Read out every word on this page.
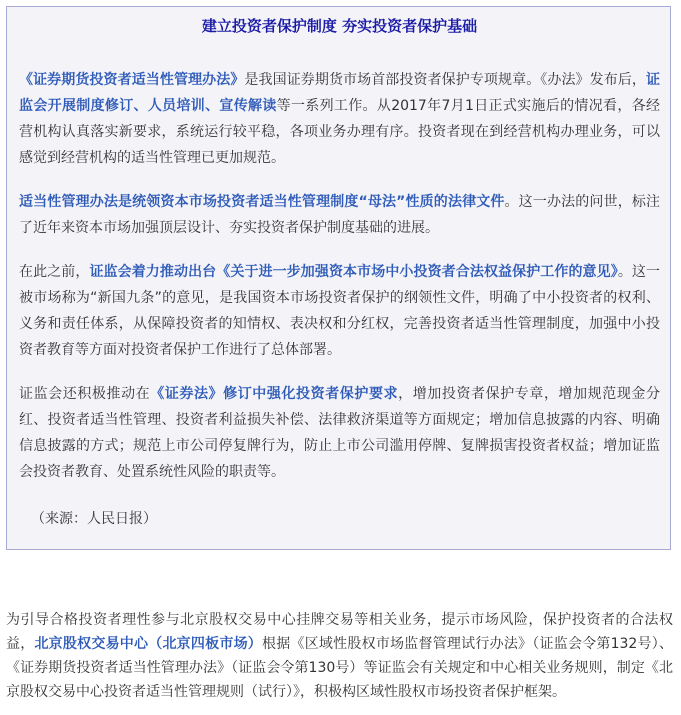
建立投资者保护制度 夯实投资者保护基础

《证券期货投资者适当性管理办法》是我国证券期货市场首部投资者保护专项规章。《办法》发布后，证监会开展制度修订、人员培训、宣传解读等一系列工作。从2017年7月1日正式实施后的情况看，各经营机构认真落实新要求，系统运行较平稳，各项业务办理有序。投资者现在到经营机构办理业务，可以感觉到经营机构的适当性管理已更加规范。

适当性管理办法是统领资本市场投资者适当性管理制度“母法”性质的法律文件。这一办法的问世，标注了近年来资本市场加强顶层设计、夯实投资者保护制度基础的进展。

在此之前，证监会着力推动出台《关于进一步加强资本市场中小投资者合法权益保护工作的意见》。这一被市场称为“新国九条”的意见，是我国资本市场投资者保护的纲领性文件，明确了中小投资者的权利、义务和责任体系，从保障投资者的知情权、表决权和分红权，完善投资者适当性管理制度，加强中小投资者教育等方面对投资者保护工作进行了总体部署。

证监会还积极推动在《证券法》修订中强化投资者保护要求，增加投资者保护专章，增加规范现金分红、投资者适当性管理、投资者利益损失补偿、法律救济渠道等方面规定；增加信息披露的内容、明确信息披露的方式；规范上市公司停复牌行为，防止上市公司滥用停牌、复牌损害投资者权益；增加证监会投资者教育、处置系统性风险的职责等。

（来源：人民日报）

为引导合格投资者理性参与北京股权交易中心挂牌交易等相关业务，提示市场风险，保护投资者的合法权益，北京股权交易中心（北京四板市场）根据《区域性股权市场监督管理试行办法》（证监会令第132号）、《证券期货投资者适当性管理办法》（证监会令第130号）等证监会有关规定和中心相关业务规则，制定《北京股权交易中心投资者适当性管理规则（试行）》，积极构区域性股权市场投资者保护框架。
